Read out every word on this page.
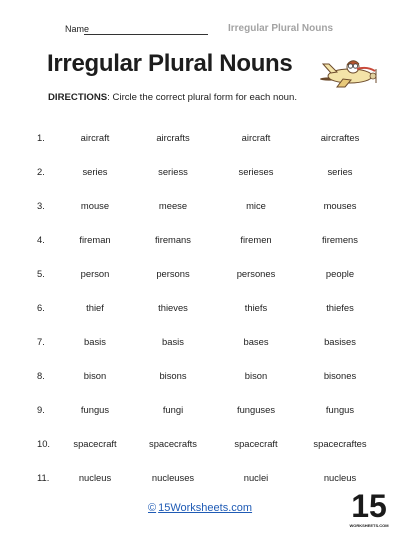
Name	Irregular Plural Nouns
Irregular Plural Nouns
DIRECTIONS: Circle the correct plural form for each noun.
1.	aircraft	aircrafts	aircraft	aircraftes
2.	series	seriess	serieses	series
3.	mouse	meese	mice	mouses
4.	fireman	firemans	firemen	firemens
5.	person	persons	persones	people
6.	thief	thieves	thiefs	thiefes
7.	basis	basis	bases	basises
8.	bison	bisons	bison	bisones
9.	fungus	fungi	funguses	fungus
10.	spacecraft	spacecrafts	spacecraft	spacecraftes
11.	nucleus	nucleuses	nuclei	nucleus
© 15Worksheets.com	15
WORKSHEETS.COM
